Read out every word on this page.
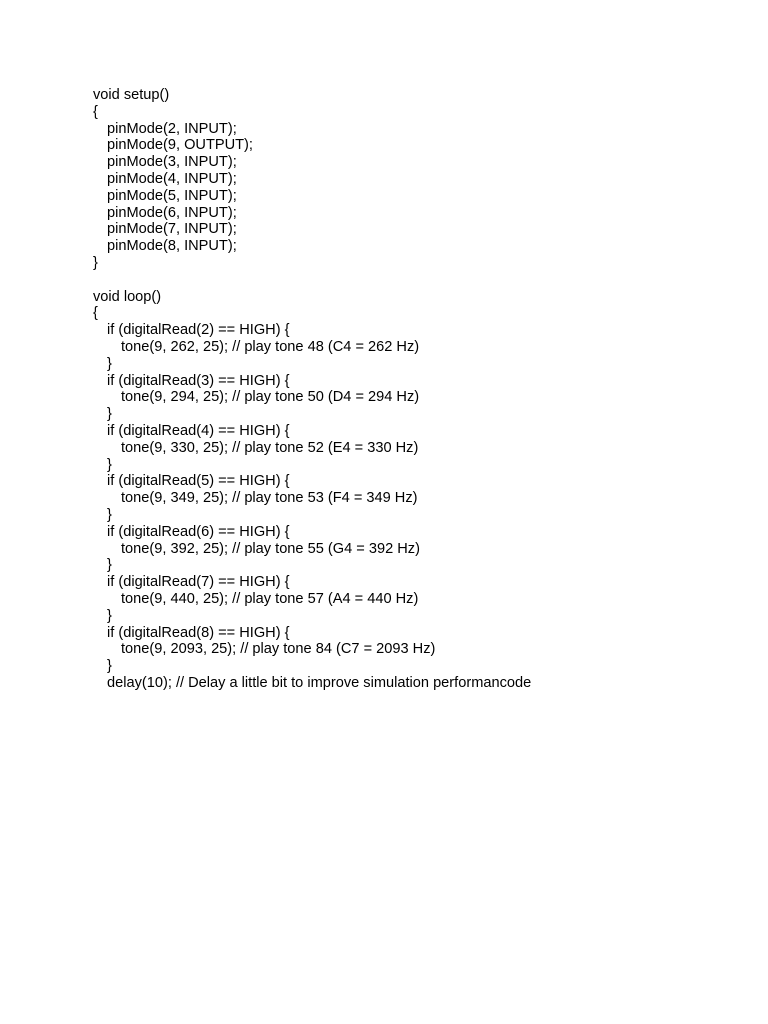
void setup()
{
pinMode(2, INPUT);
pinMode(9, OUTPUT);
pinMode(3, INPUT);
pinMode(4, INPUT);
pinMode(5, INPUT);
pinMode(6, INPUT);
pinMode(7, INPUT);
pinMode(8, INPUT);
}
void loop()
{
if (digitalRead(2) == HIGH) {
tone(9, 262, 25); // play tone 48 (C4 = 262 Hz)
}
if (digitalRead(3) == HIGH) {
tone(9, 294, 25); // play tone 50 (D4 = 294 Hz)
}
if (digitalRead(4) == HIGH) {
tone(9, 330, 25); // play tone 52 (E4 = 330 Hz)
}
if (digitalRead(5) == HIGH) {
tone(9, 349, 25); // play tone 53 (F4 = 349 Hz)
}
if (digitalRead(6) == HIGH) {
tone(9, 392, 25); // play tone 55 (G4 = 392 Hz)
}
if (digitalRead(7) == HIGH) {
tone(9, 440, 25); // play tone 57 (A4 = 440 Hz)
}
if (digitalRead(8) == HIGH) {
tone(9, 2093, 25); // play tone 84 (C7 = 2093 Hz)
}
delay(10); // Delay a little bit to improve simulation performancode
